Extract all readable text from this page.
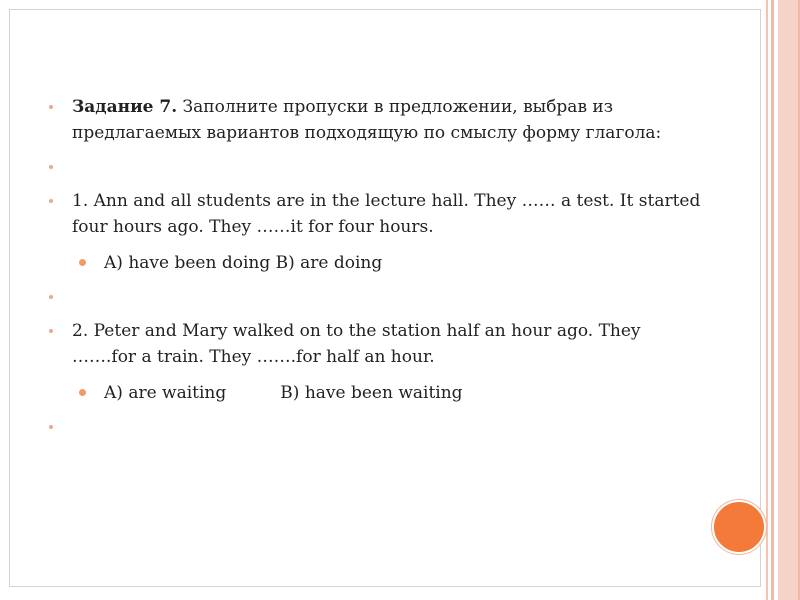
Задание 7. Заполните пропуски в предложении, выбрав из предлагаемых вариантов подходящую по смыслу форму глагола:

1. Ann and all students are in the lecture hall. They …… a test. It started four hours ago. They ……it for four hours.

A) have been doing B) are doing

2. Peter and Mary walked on to the station half an hour ago. They …….for a train. They …….for half an hour.

A) are waiting          B) have been waiting
